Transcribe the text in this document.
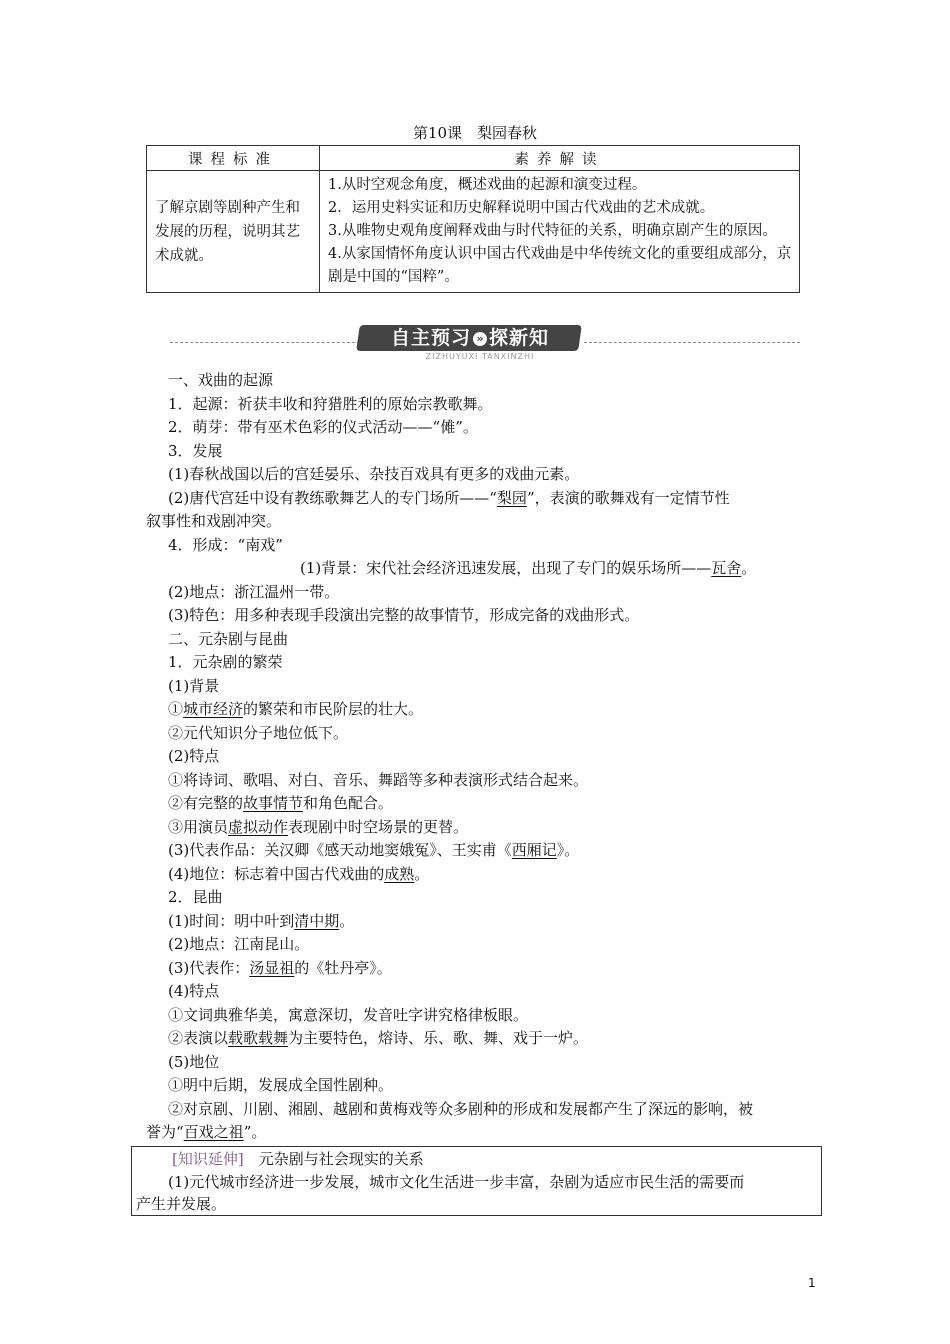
第10课　梨园春秋
课程标准	素养解读
了解京剧等剧种产生和发展的历程，说明其艺术成就。	1.从时空观念角度，概述戏曲的起源和演变过程。
2．运用史料实证和历史解释说明中国古代戏曲的艺术成就。
3.从唯物史观角度阐释戏曲与时代特征的关系，明确京剧产生的原因。
4.从家国情怀角度认识中国古代戏曲是中华传统文化的重要组成部分，京剧是中国的“国粹”。
自主预习 » 探新知
ZIZHUYUXI TANXINZHI
一、戏曲的起源
1．起源：祈获丰收和狩猎胜利的原始宗教歌舞。
2．萌芽：带有巫术色彩的仪式活动——“傩”。
3．发展
(1)春秋战国以后的宫廷晏乐、杂技百戏具有更多的戏曲元素。
(2)唐代宫廷中设有教练歌舞艺人的专门场所——“梨园”，表演的歌舞戏有一定情节性
叙事性和戏剧冲突。
4．形成：“南戏”
(1)背景：宋代社会经济迅速发展，出现了专门的娱乐场所——瓦舍。
(2)地点：浙江温州一带。
(3)特色：用多种表现手段演出完整的故事情节，形成完备的戏曲形式。
二、元杂剧与昆曲
1．元杂剧的繁荣
(1)背景
①城市经济的繁荣和市民阶层的壮大。
②元代知识分子地位低下。
(2)特点
①将诗词、歌唱、对白、音乐、舞蹈等多种表演形式结合起来。
②有完整的故事情节和角色配合。
③用演员虚拟动作表现剧中时空场景的更替。
(3)代表作品：关汉卿《感天动地窦娥冤》、王实甫《西厢记》。
(4)地位：标志着中国古代戏曲的成熟。
2．昆曲
(1)时间：明中叶到清中期。
(2)地点：江南昆山。
(3)代表作：汤显祖的《牡丹亭》。
(4)特点
①文词典雅华美，寓意深切，发音吐字讲究格律板眼。
②表演以载歌载舞为主要特色，熔诗、乐、歌、舞、戏于一炉。
(5)地位
①明中后期，发展成全国性剧种。
②对京剧、川剧、湘剧、越剧和黄梅戏等众多剧种的形成和发展都产生了深远的影响，被
誉为“百戏之祖”。
[知识延伸]　 元杂剧与社会现实的关系
(1)元代城市经济进一步发展，城市文化生活进一步丰富，杂剧为适应市民生活的需要而
产生并发展。
1
